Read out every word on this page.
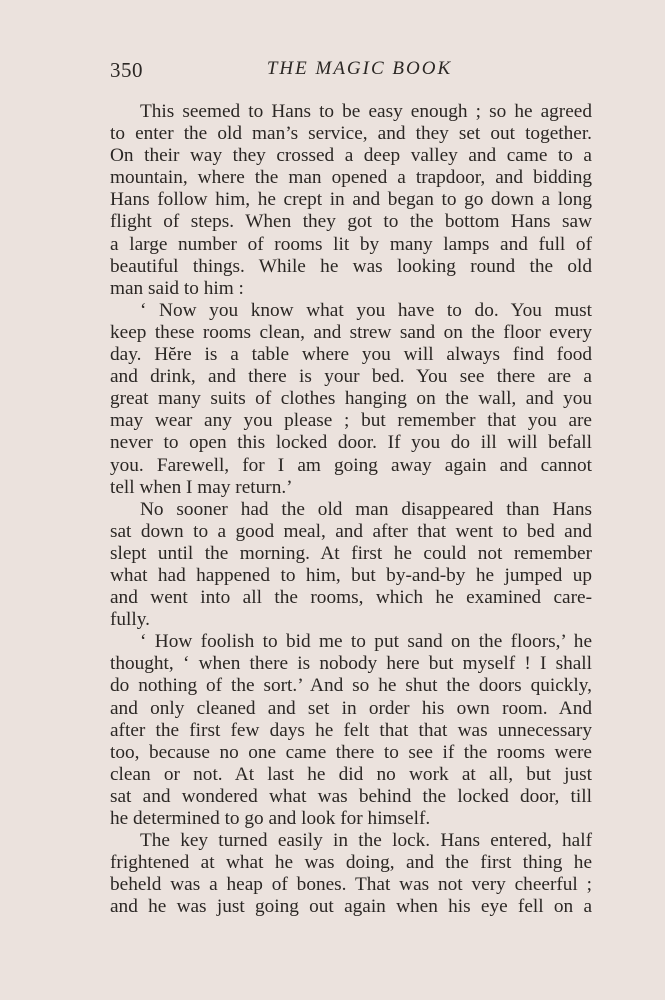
350	THE MAGIC BOOK
This seemed to Hans to be easy enough ; so he agreed
to enter the old man’s service, and they set out together.
On their way they crossed a deep valley and came to a
mountain, where the man opened a trapdoor, and bidding
Hans follow him, he crept in and began to go down a long
flight of steps. When they got to the bottom Hans saw
a large number of rooms lit by many lamps and full of
beautiful things. While he was looking round the old
man said to him :
‘ Now you know what you have to do. You must
keep these rooms clean, and strew sand on the floor every
day. Hĕre is a table where you will always find food
and drink, and there is your bed. You see there are a
great many suits of clothes hanging on the wall, and you
may wear any you please ; but remember that you are
never to open this locked door. If you do ill will befall
you. Farewell, for I am going away again and cannot
tell when I may return.’
No sooner had the old man disappeared than Hans
sat down to a good meal, and after that went to bed and
slept until the morning. At first he could not remember
what had happened to him, but by-and-by he jumped up
and went into all the rooms, which he examined care-
fully.
‘ How foolish to bid me to put sand on the floors,’ he
thought, ‘ when there is nobody here but myself ! I shall
do nothing of the sort.’ And so he shut the doors quickly,
and only cleaned and set in order his own room. And
after the first few days he felt that that was unnecessary
too, because no one came there to see if the rooms were
clean or not. At last he did no work at all, but just
sat and wondered what was behind the locked door, till
he determined to go and look for himself.
The key turned easily in the lock. Hans entered, half
frightened at what he was doing, and the first thing he
beheld was a heap of bones. That was not very cheerful ;
and he was just going out again when his eye fell on a
